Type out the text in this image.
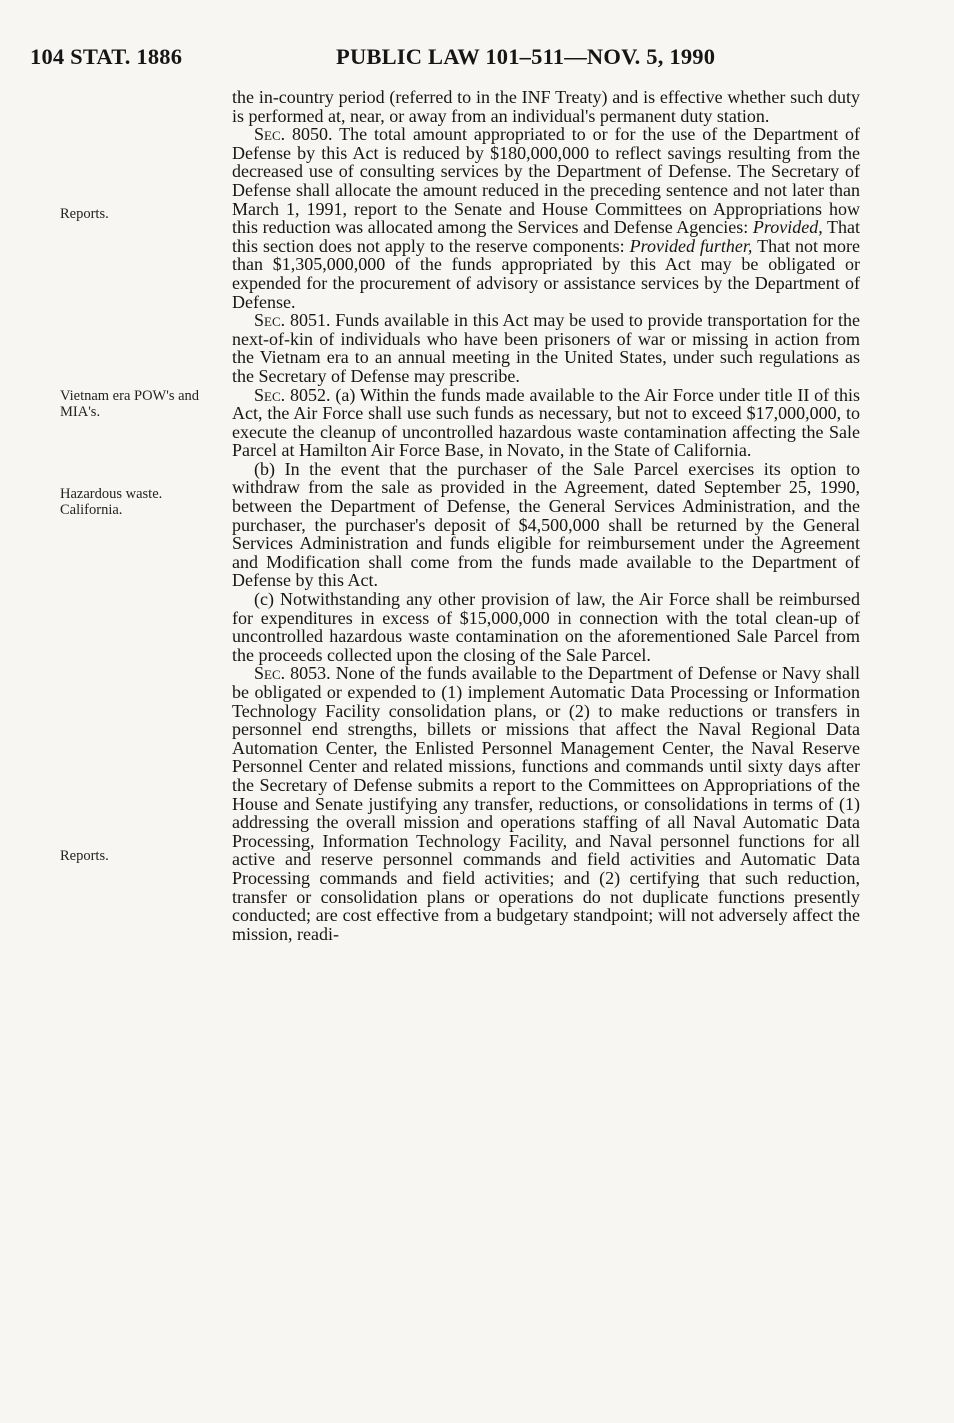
104 STAT. 1886	PUBLIC LAW 101–511—NOV. 5, 1990
Reports.
Vietnam era POW's and MIA's.
Hazardous waste. California.
Reports.

the in-country period (referred to in the INF Treaty) and is effective whether such duty is performed at, near, or away from an individual's permanent duty station.

Sec. 8050. The total amount appropriated to or for the use of the Department of Defense by this Act is reduced by $180,000,000 to reflect savings resulting from the decreased use of consulting services by the Department of Defense. The Secretary of Defense shall allocate the amount reduced in the preceding sentence and not later than March 1, 1991, report to the Senate and House Committees on Appropriations how this reduction was allocated among the Services and Defense Agencies: Provided, That this section does not apply to the reserve components: Provided further, That not more than $1,305,000,000 of the funds appropriated by this Act may be obligated or expended for the procurement of advisory or assistance services by the Department of Defense.

Sec. 8051. Funds available in this Act may be used to provide transportation for the next-of-kin of individuals who have been prisoners of war or missing in action from the Vietnam era to an annual meeting in the United States, under such regulations as the Secretary of Defense may prescribe.

Sec. 8052. (a) Within the funds made available to the Air Force under title II of this Act, the Air Force shall use such funds as necessary, but not to exceed $17,000,000, to execute the cleanup of uncontrolled hazardous waste contamination affecting the Sale Parcel at Hamilton Air Force Base, in Novato, in the State of California.

(b) In the event that the purchaser of the Sale Parcel exercises its option to withdraw from the sale as provided in the Agreement, dated September 25, 1990, between the Department of Defense, the General Services Administration, and the purchaser, the purchaser's deposit of $4,500,000 shall be returned by the General Services Administration and funds eligible for reimbursement under the Agreement and Modification shall come from the funds made available to the Department of Defense by this Act.

(c) Notwithstanding any other provision of law, the Air Force shall be reimbursed for expenditures in excess of $15,000,000 in connection with the total clean-up of uncontrolled hazardous waste contamination on the aforementioned Sale Parcel from the proceeds collected upon the closing of the Sale Parcel.

Sec. 8053. None of the funds available to the Department of Defense or Navy shall be obligated or expended to (1) implement Automatic Data Processing or Information Technology Facility consolidation plans, or (2) to make reductions or transfers in personnel end strengths, billets or missions that affect the Naval Regional Data Automation Center, the Enlisted Personnel Management Center, the Naval Reserve Personnel Center and related missions, functions and commands until sixty days after the Secretary of Defense submits a report to the Committees on Appropriations of the House and Senate justifying any transfer, reductions, or consolidations in terms of (1) addressing the overall mission and operations staffing of all Naval Automatic Data Processing, Information Technology Facility, and Naval personnel functions for all active and reserve personnel commands and field activities and Automatic Data Processing commands and field activities; and (2) certifying that such reduction, transfer or consolidation plans or operations do not duplicate functions presently conducted; are cost effective from a budgetary standpoint; will not adversely affect the mission, readi-
